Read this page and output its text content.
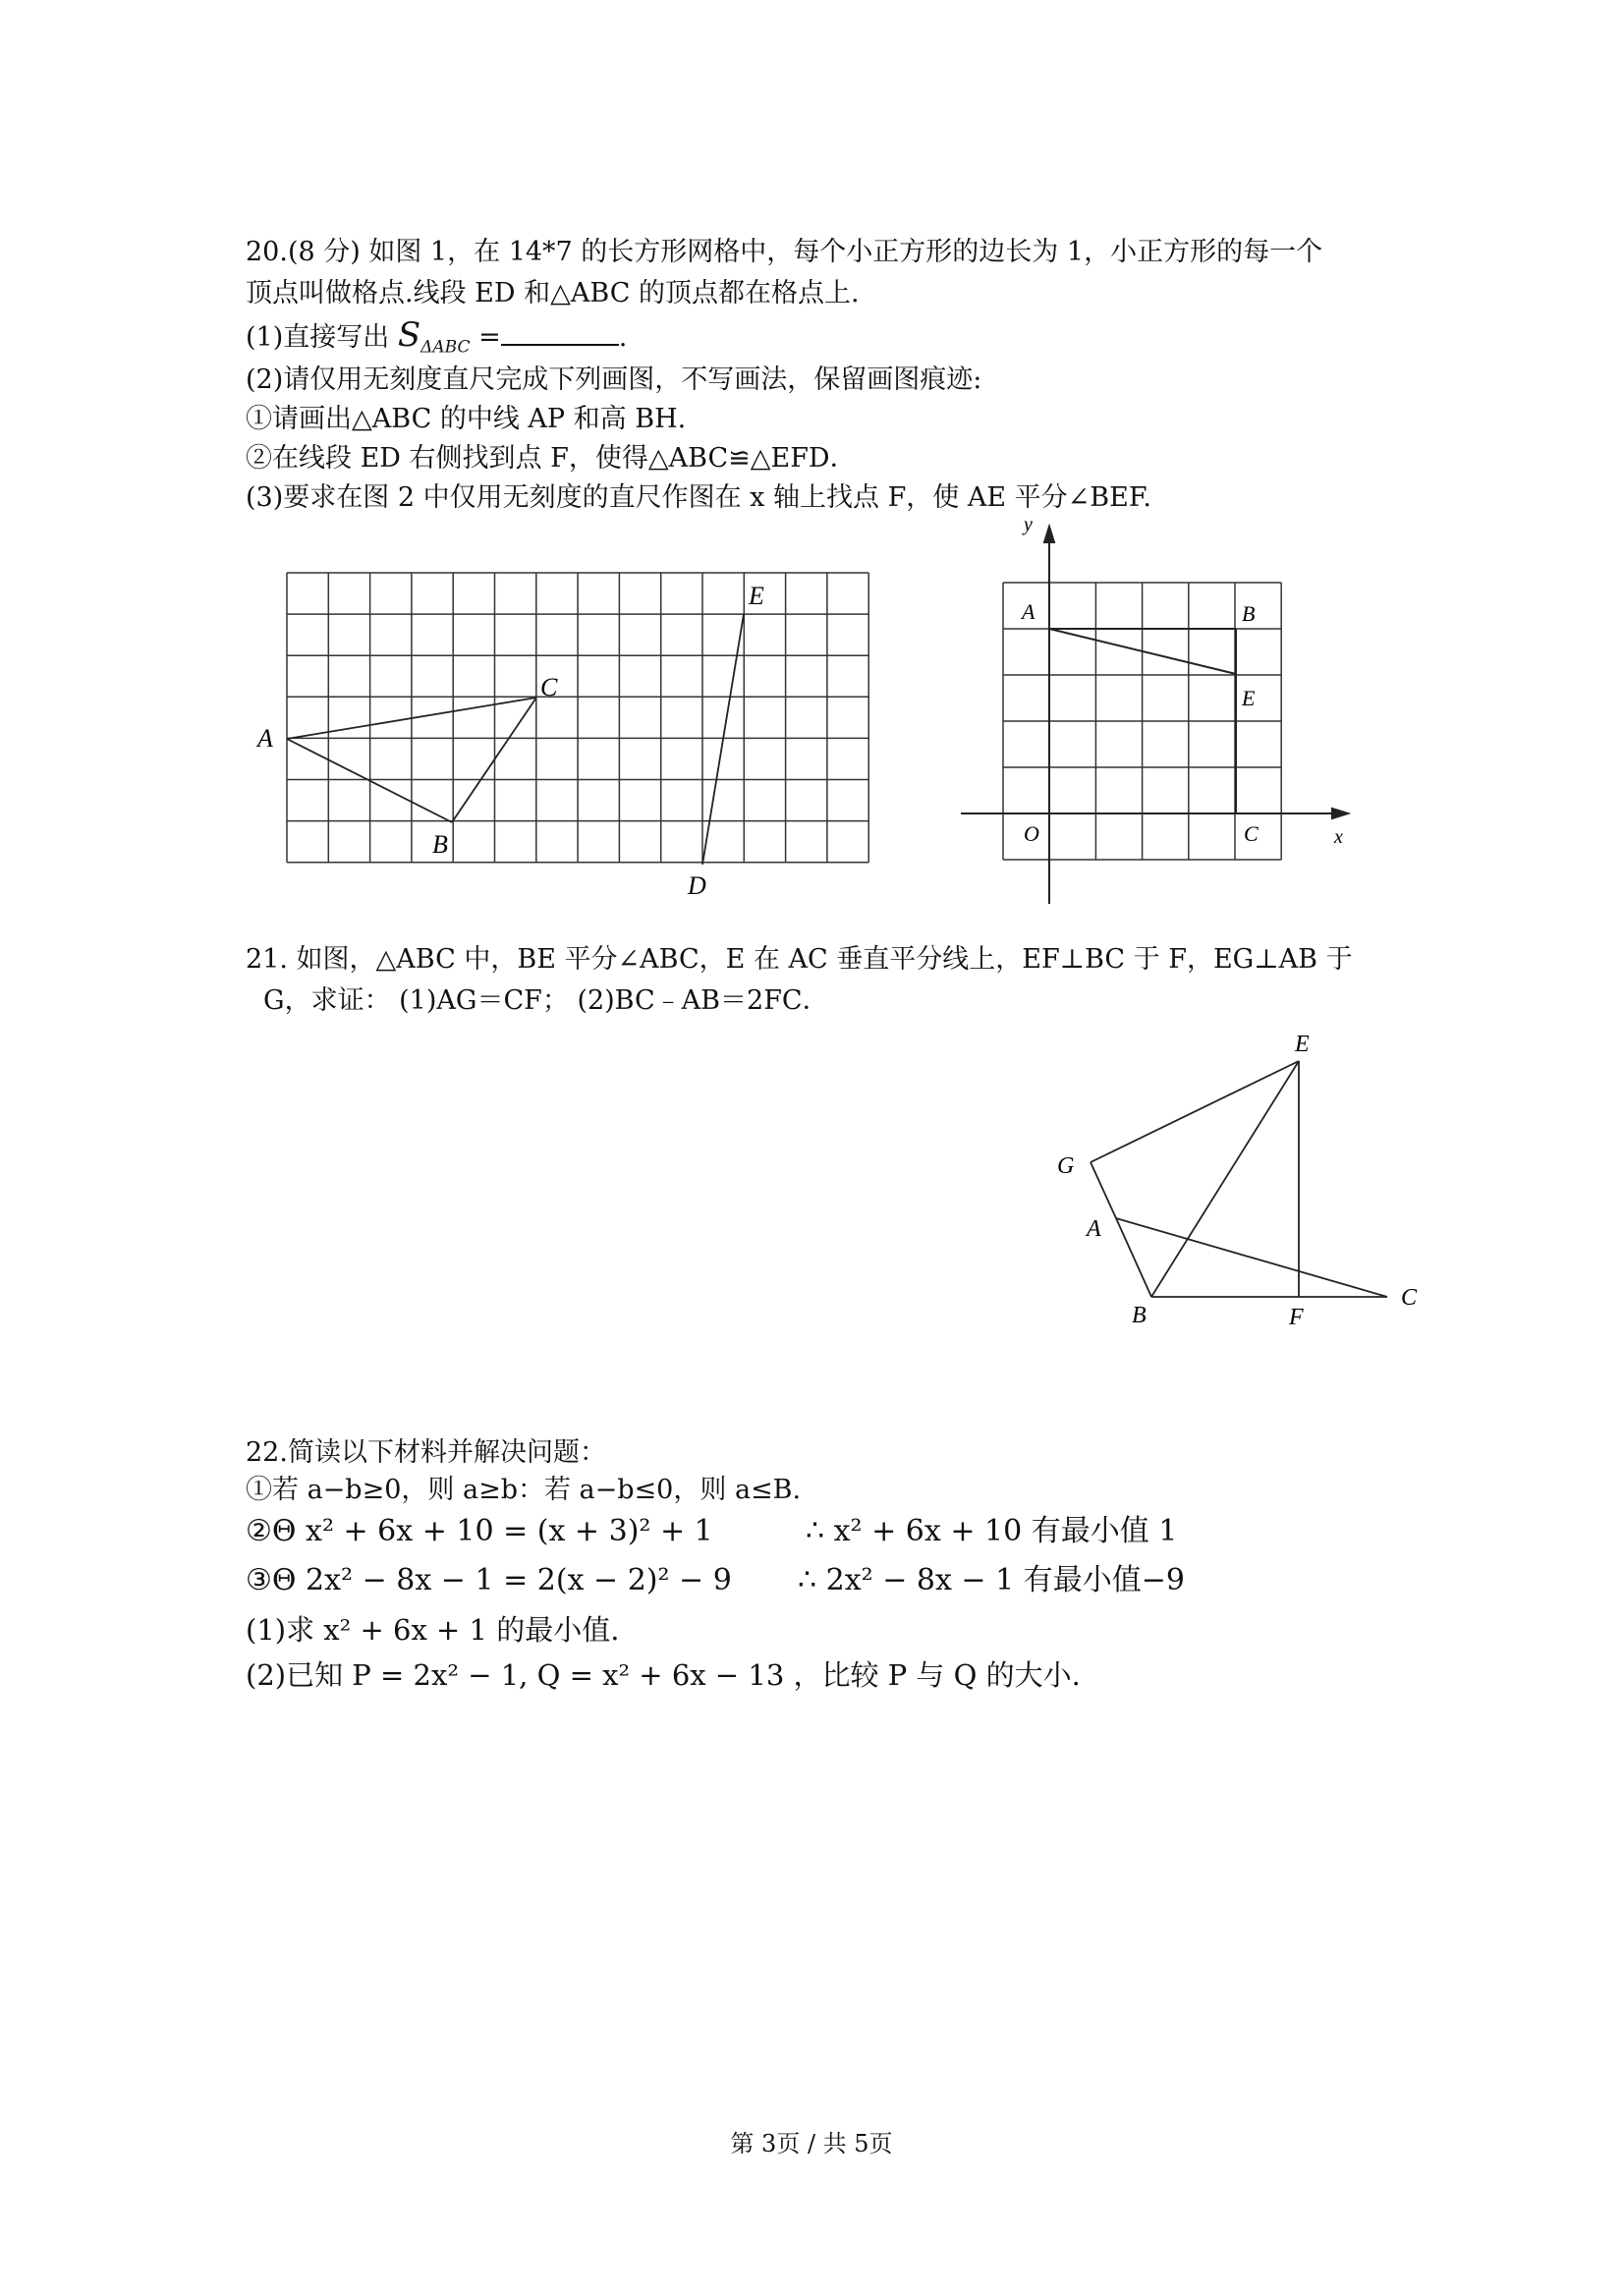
20.(8 分) 如图 1，在 14*7 的长方形网格中，每个小正方形的边长为 1，小正方形的每一个
顶点叫做格点.线段 ED 和△ABC 的顶点都在格点上.
(1)直接写出 $S_{\Delta ABC}$ =	.
(2)请仅用无刻度直尺完成下列画图，不写画法，保留画图痕迹:
①请画出△ABC 的中线 AP 和高 BH.
②在线段 ED 右侧找到点 F，使得△ABC≌△EFD．
(3)要求在图 2 中仅用无刻度的直尺作图在 x 轴上找点 F，使 AE 平分∠BEF.
A
B
C
D
E
y
x
A	B
E
O	C
E
G
A
B	F
C
21. 如图，△ABC 中，BE 平分∠ABC，E 在 AC 垂直平分线上，EF⊥BC 于 F，EG⊥AB 于
G，求证： (1)AG＝CF； (2)BC﹣AB＝2FC．
22.简读以下材料并解决问题：
①若 a−b≥0，则 a≥b：若 a−b≤0，则 a≤B.
②Θ x² + 6x + 10 = (x + 3)² + 1	∴ x² + 6x + 10 有最小值 1
③Θ 2x² − 8x − 1 = 2(x − 2)² − 9 ∴ 2x² − 8x − 1 有最小值−9
(1)求 x² + 6x + 1 的最小值.
(2)已知 P = 2x² − 1, Q = x² + 6x − 13 ，比较 P 与 Q 的大小.
第 3页 / 共 5页
